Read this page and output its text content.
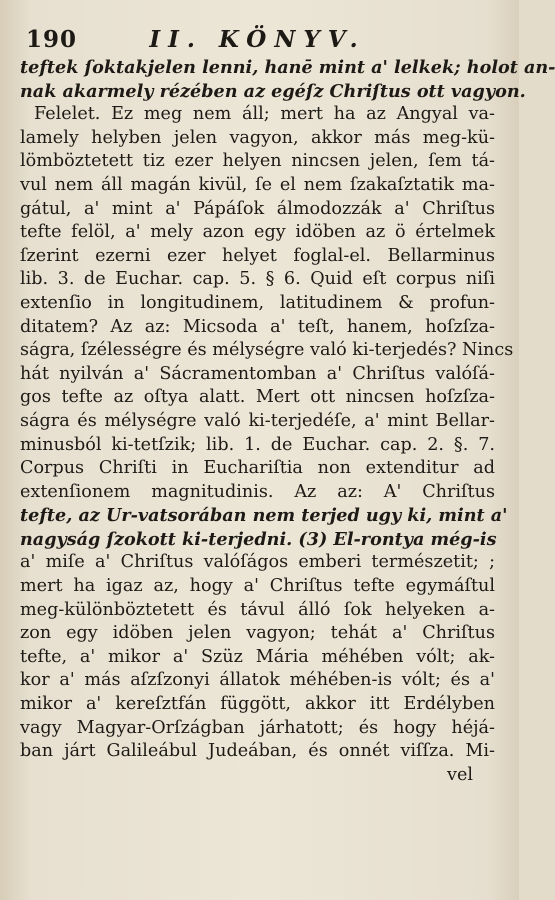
190	II. KÖNYV.
teftek ſoktakjelen lenni, hanē mint a' lelkek; holot an-
nak akarmely rézében az egéſz Chriſtus ott vagyon.
Felelet. Ez meg nem áll; mert ha az Angyal va-
lamely helyben jelen vagyon, akkor más meg-kü-
lömböztetett tiz ezer helyen nincsen jelen, ſem tá-
vul nem áll magán kivül, ſe el nem ſzakaſztatik ma-
gátul, a' mint a' Pápáſok álmodozzák a' Chriſtus
tefte felöl, a' mely azon egy idöben az ö értelmek
ſzerint ezerni ezer helyet foglal-el. Bellarminus
lib. 3. de Euchar. cap. 5. § 6. Quid eſt corpus niſi
extenſio in longitudinem, latitudinem & profun-
ditatem? Az az: Micsoda a' teſt, hanem, hoſzſza-
ságra, ſzélességre és mélységre való ki-terjedés? Nincs
hát nyilván a' Sácramentomban a' Chriſtus valóſá-
gos tefte az oſtya alatt. Mert ott nincsen hoſzſza-
ságra és mélységre való ki-terjedéſe, a' mint Bellar-
minusból ki-tetſzik; lib. 1. de Euchar. cap. 2. §. 7.
Corpus Chriſti in Euchariſtia non extenditur ad
extenſionem magnitudinis. Az az: A' Chriſtus
tefte, az Ur-vatsorában nem terjed ugy ki, mint a'
nagyság ſzokott ki-terjedni. (3) El-rontya még-is
a' miſe a' Chriſtus valóſágos emberi természetit; ;
mert ha igaz az, hogy a' Chriſtus tefte egymáſtul
meg-különböztetett és távul álló ſok helyeken a-
zon egy idöben jelen vagyon; tehát a' Chriſtus
tefte, a' mikor a' Szüz Mária méhében vólt; ak-
kor a' más aſzſzonyi állatok méhében-is vólt; és a'
mikor a' kereſztfán függött, akkor itt Erdélyben
vagy Magyar-Orſzágban járhatott; és hogy héjá-
ban járt Galileábul Judeában, és onnét viſſza. Mi-
vel
